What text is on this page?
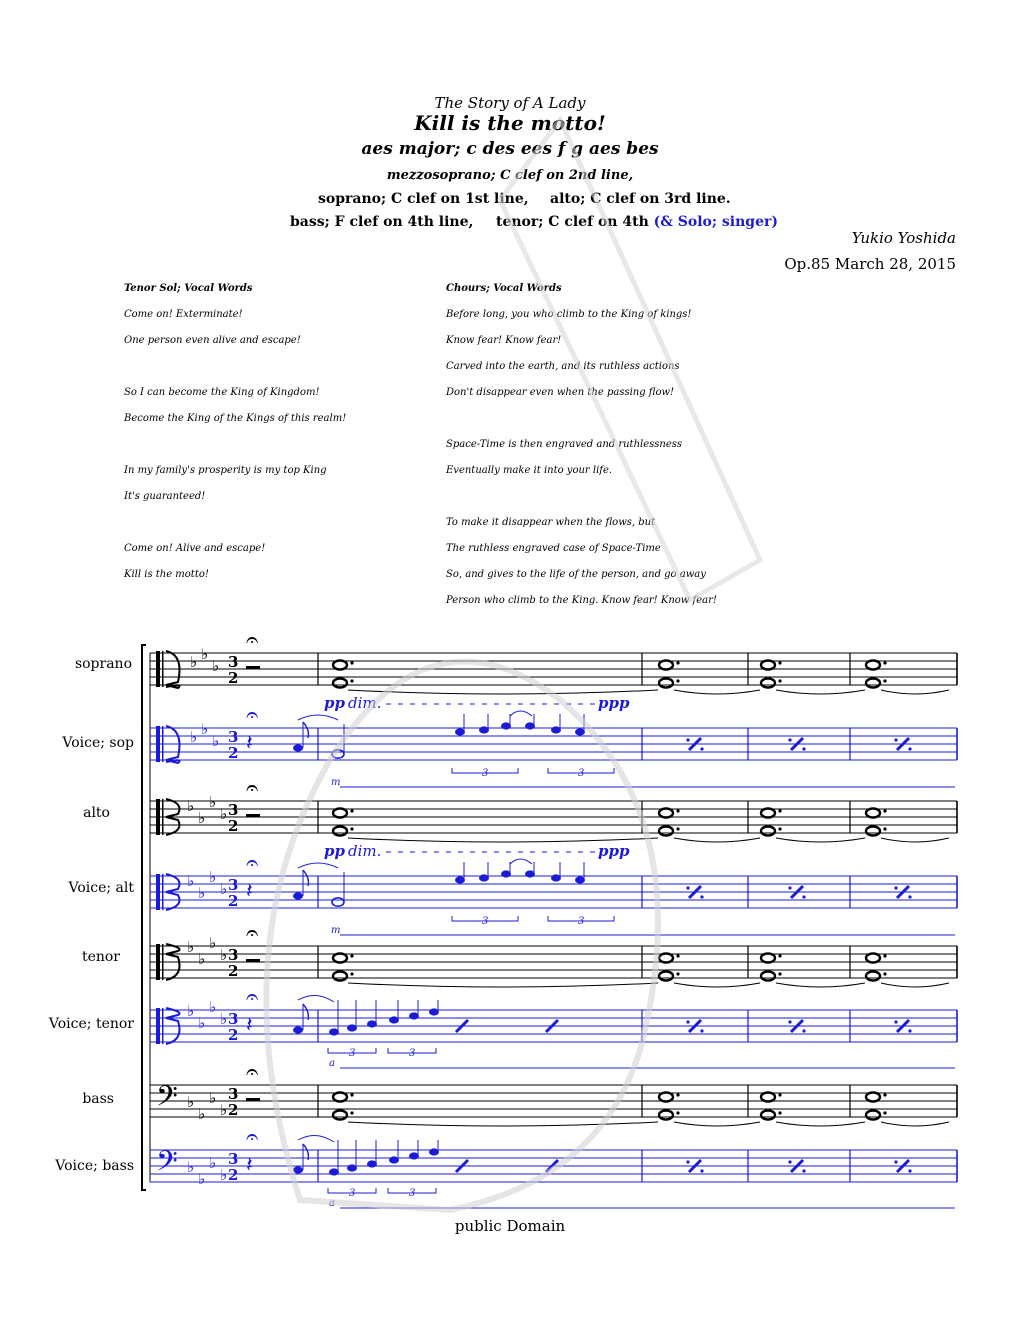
The Story of A Lady
Kill is the motto!
aes major; c des ees f g aes bes
mezzosoprano; C clef on 2nd line,
soprano; C clef on 1st line, alto; C clef on 3rd line.
bass; F clef on 4th line, tenor; C clef on 4th (& Solo; singer)
Yukio Yoshida
Op.85 March 28, 2015
Tenor Sol; Vocal Words
Come on! Exterminate!
One person even alive and escape!
So I can become the King of Kingdom!
Become the King of the Kings of this realm!
In my family's prosperity is my top King
It's guaranteed!
Come on! Alive and escape!
Kill is the motto!
Chours; Vocal Words
Before long, you who climb to the King of kings!
Know fear! Know fear!
Carved into the earth, and its ruthless actions
Don't disappear even when the passing flow!
Space-Time is then engraved and ruthlessness
Eventually make it into your life.
To make it disappear when the flows, but
The ruthless engraved case of Space-Time
So, and gives to the life of the person, and go away
Person who climb to the King. Know fear! Know fear!
soprano
Voice; sop
alto
Voice; alt
tenor
Voice; tenor
bass
Voice; bass
♭ ♭
♭ 3
2
𝄐
♭ ♭
♭ 3
2
𝄐
𝄽
3	3
pp dim.	ppp
m
♭
♭
♭
♭ 3
2
𝄐
♭
♭
♭
♭ 3
2
𝄐
𝄽
3	3
pp dim.	ppp
m
♭
♭
♭
♭ 3
2
𝄐
♭
♭
♭
♭ 3
2
𝄐
𝄽
3	3
a
𝄢 ♭
♭
♭
♭
3
2
𝄐
𝄢 ♭
♭
♭
♭
3
2
𝄐
𝄽
3	3
a
public Domain
